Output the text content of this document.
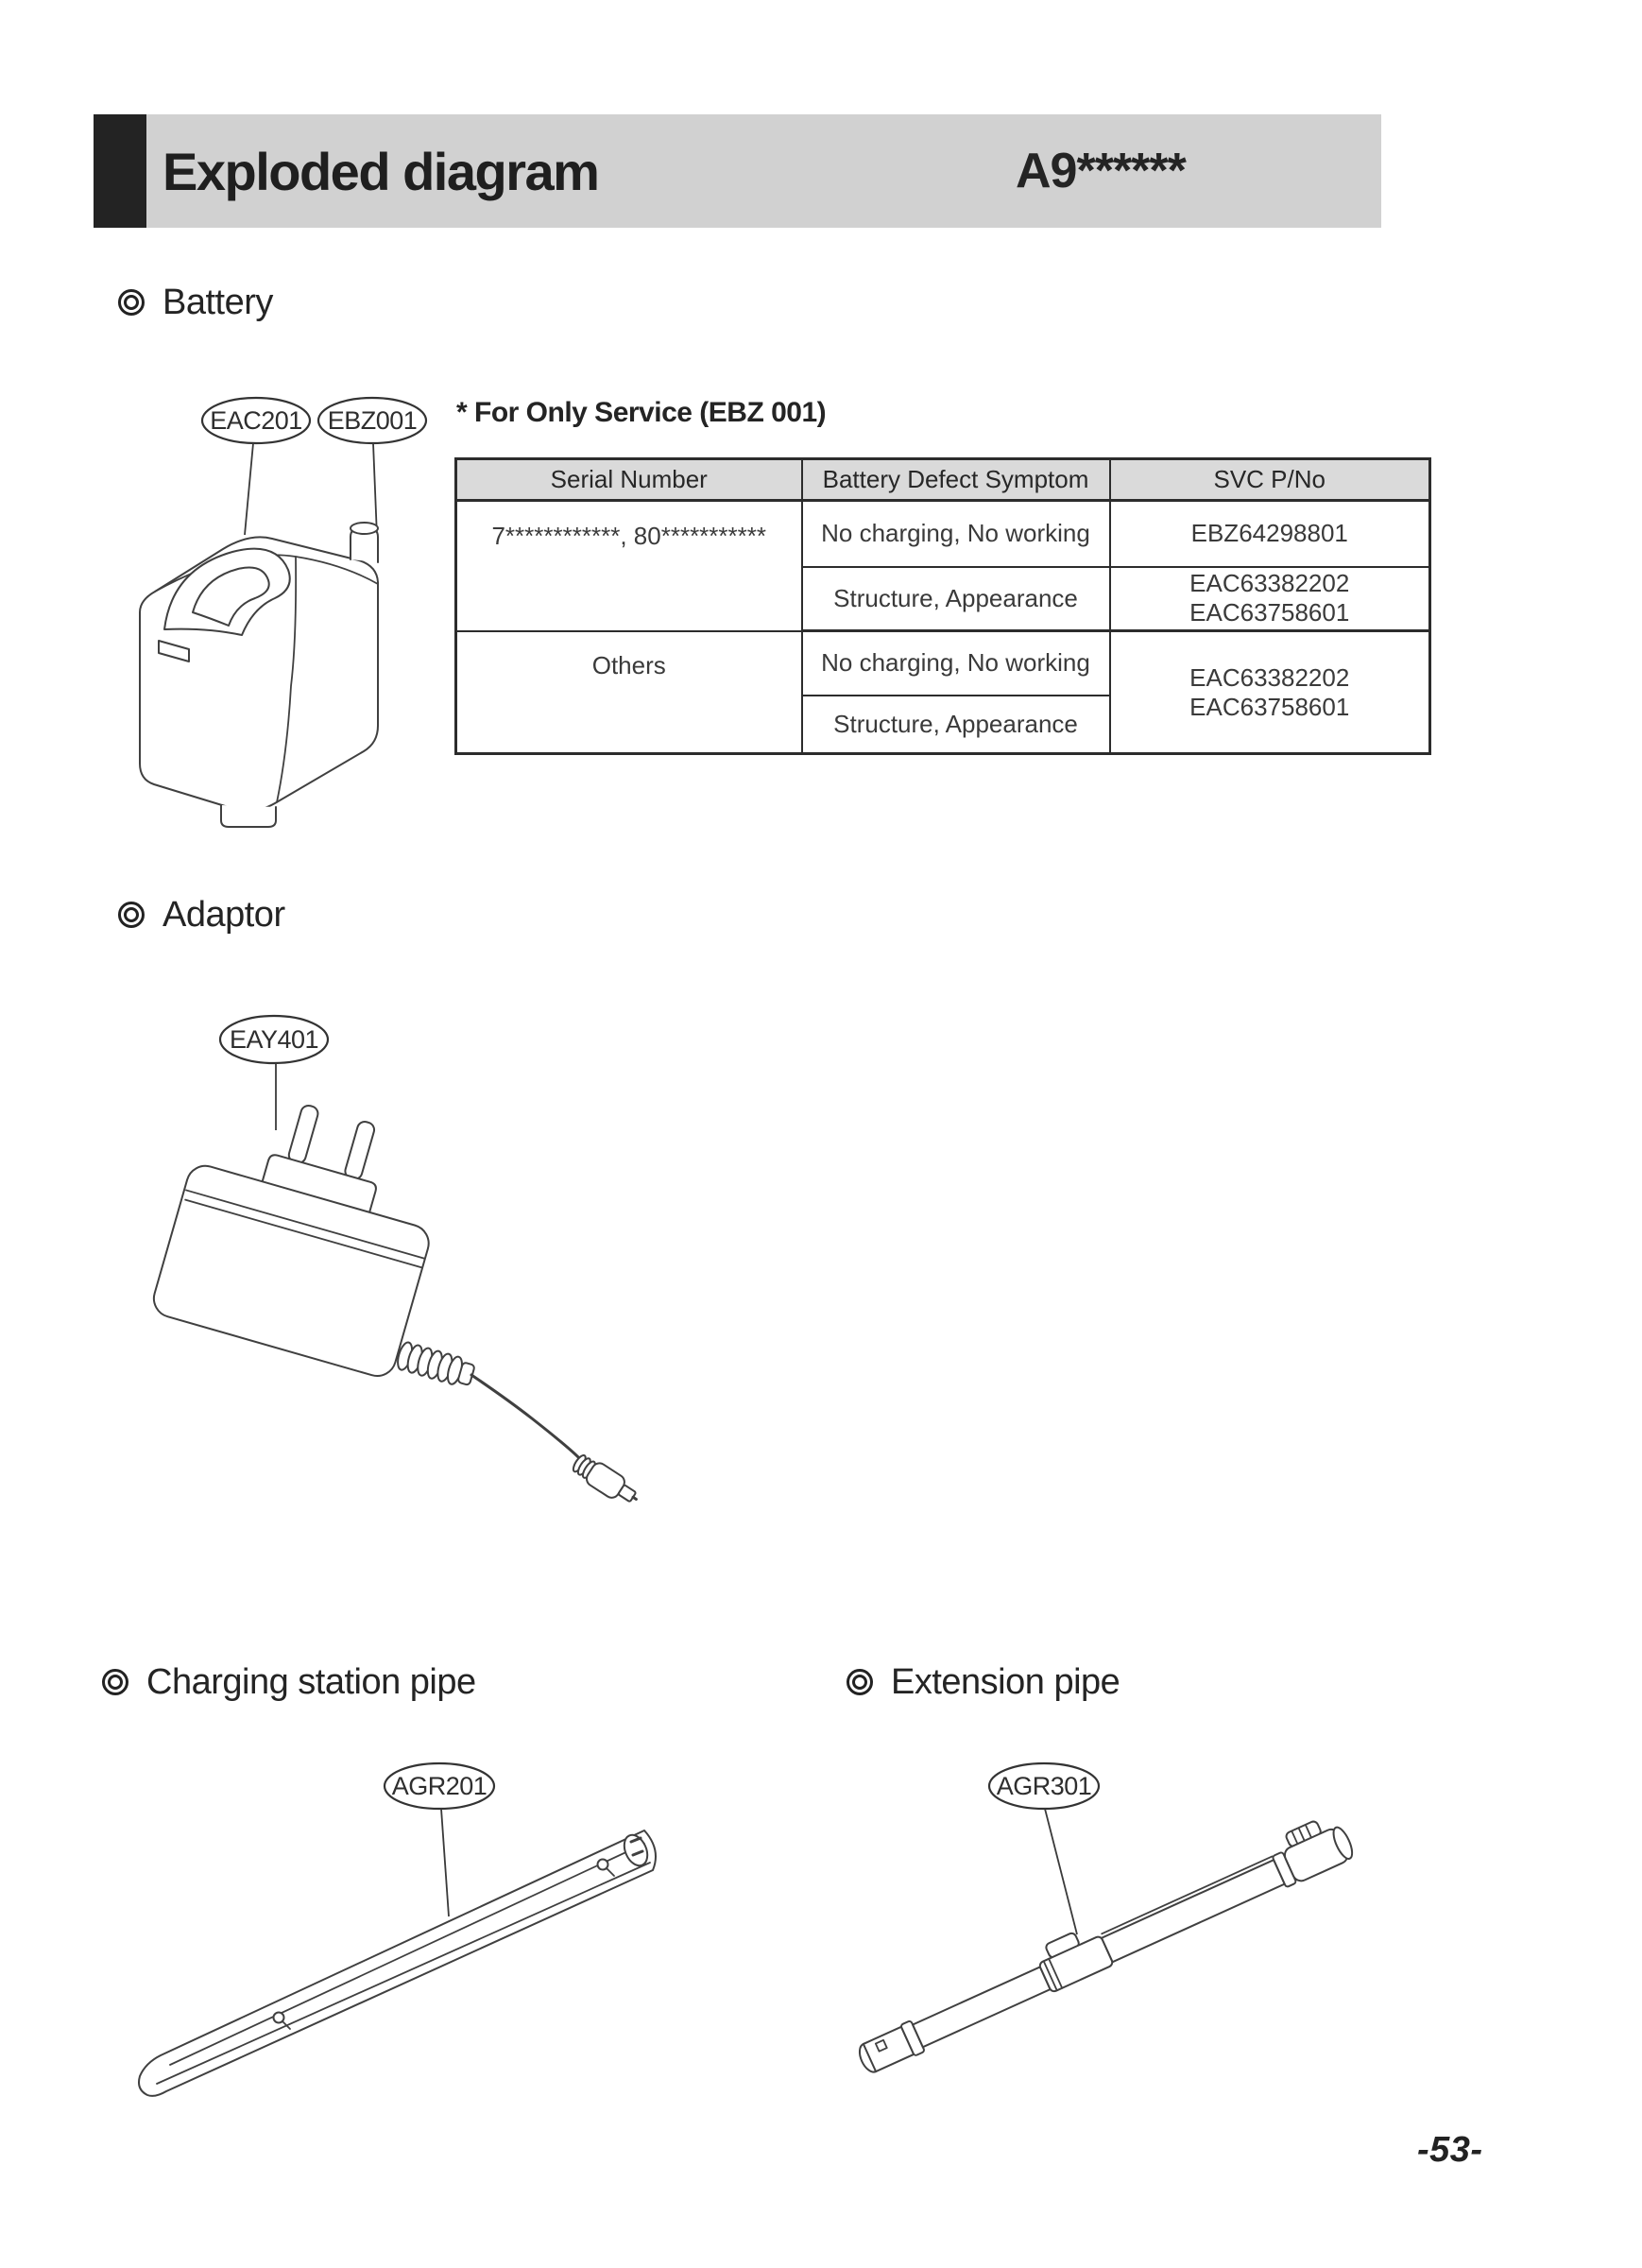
Exploded diagram	A9******
Battery
Adaptor
Charging station pipe	Extension pipe
* For Only Service (EBZ 001)
Serial Number	Battery Defect Symptom	SVC P/No
7************, 80***********	No charging, No working	EBZ64298801
	Structure, Appearance	EAC63382202
EAC63758601

Others	No charging, No working	EAC63382202
EAC63758601

	Structure, Appearance	
EAC201 EBZ001
EAY401
AGR201	AGR301
-53-
